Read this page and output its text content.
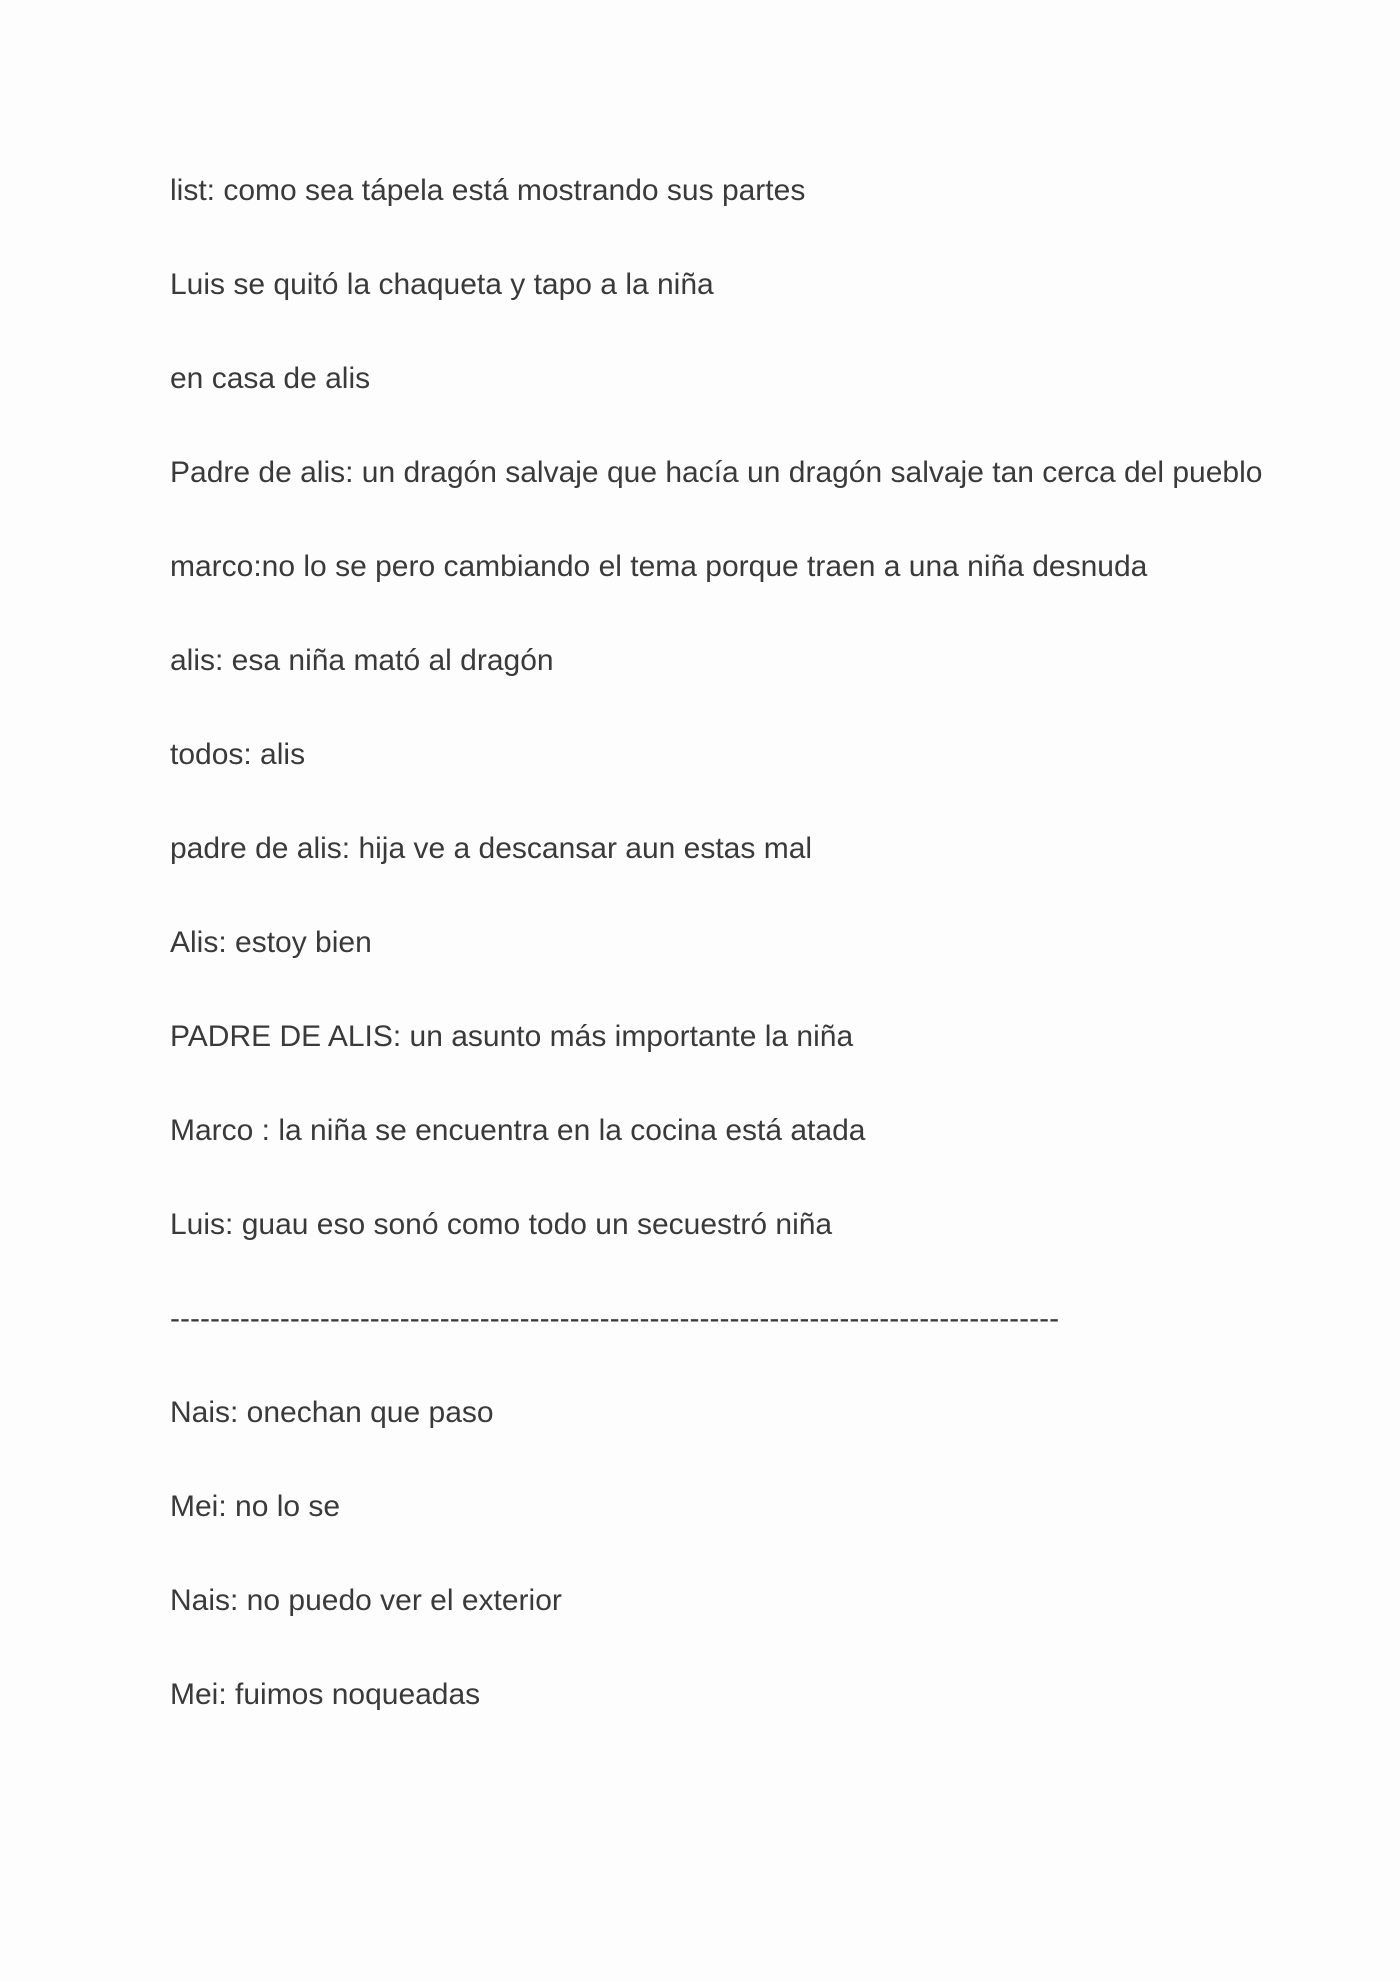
list: como sea tápela está mostrando sus partes

Luis se quitó la chaqueta y tapo a la niña

en casa de alis

Padre de alis: un dragón salvaje que hacía un dragón salvaje tan cerca del pueblo

marco:no lo se pero cambiando el tema porque traen a una niña desnuda

alis: esa niña mató al dragón

todos: alis

padre de alis: hija ve a descansar aun estas mal

Alis: estoy bien

PADRE DE ALIS: un asunto más importante la niña

Marco : la niña se encuentra en la cocina está atada

Luis: guau eso sonó como todo un secuestró niña

-----------------------------------------------------------------------------------------

Nais: onechan que paso

Mei: no lo se

Nais: no puedo ver el exterior

Mei: fuimos noqueadas
